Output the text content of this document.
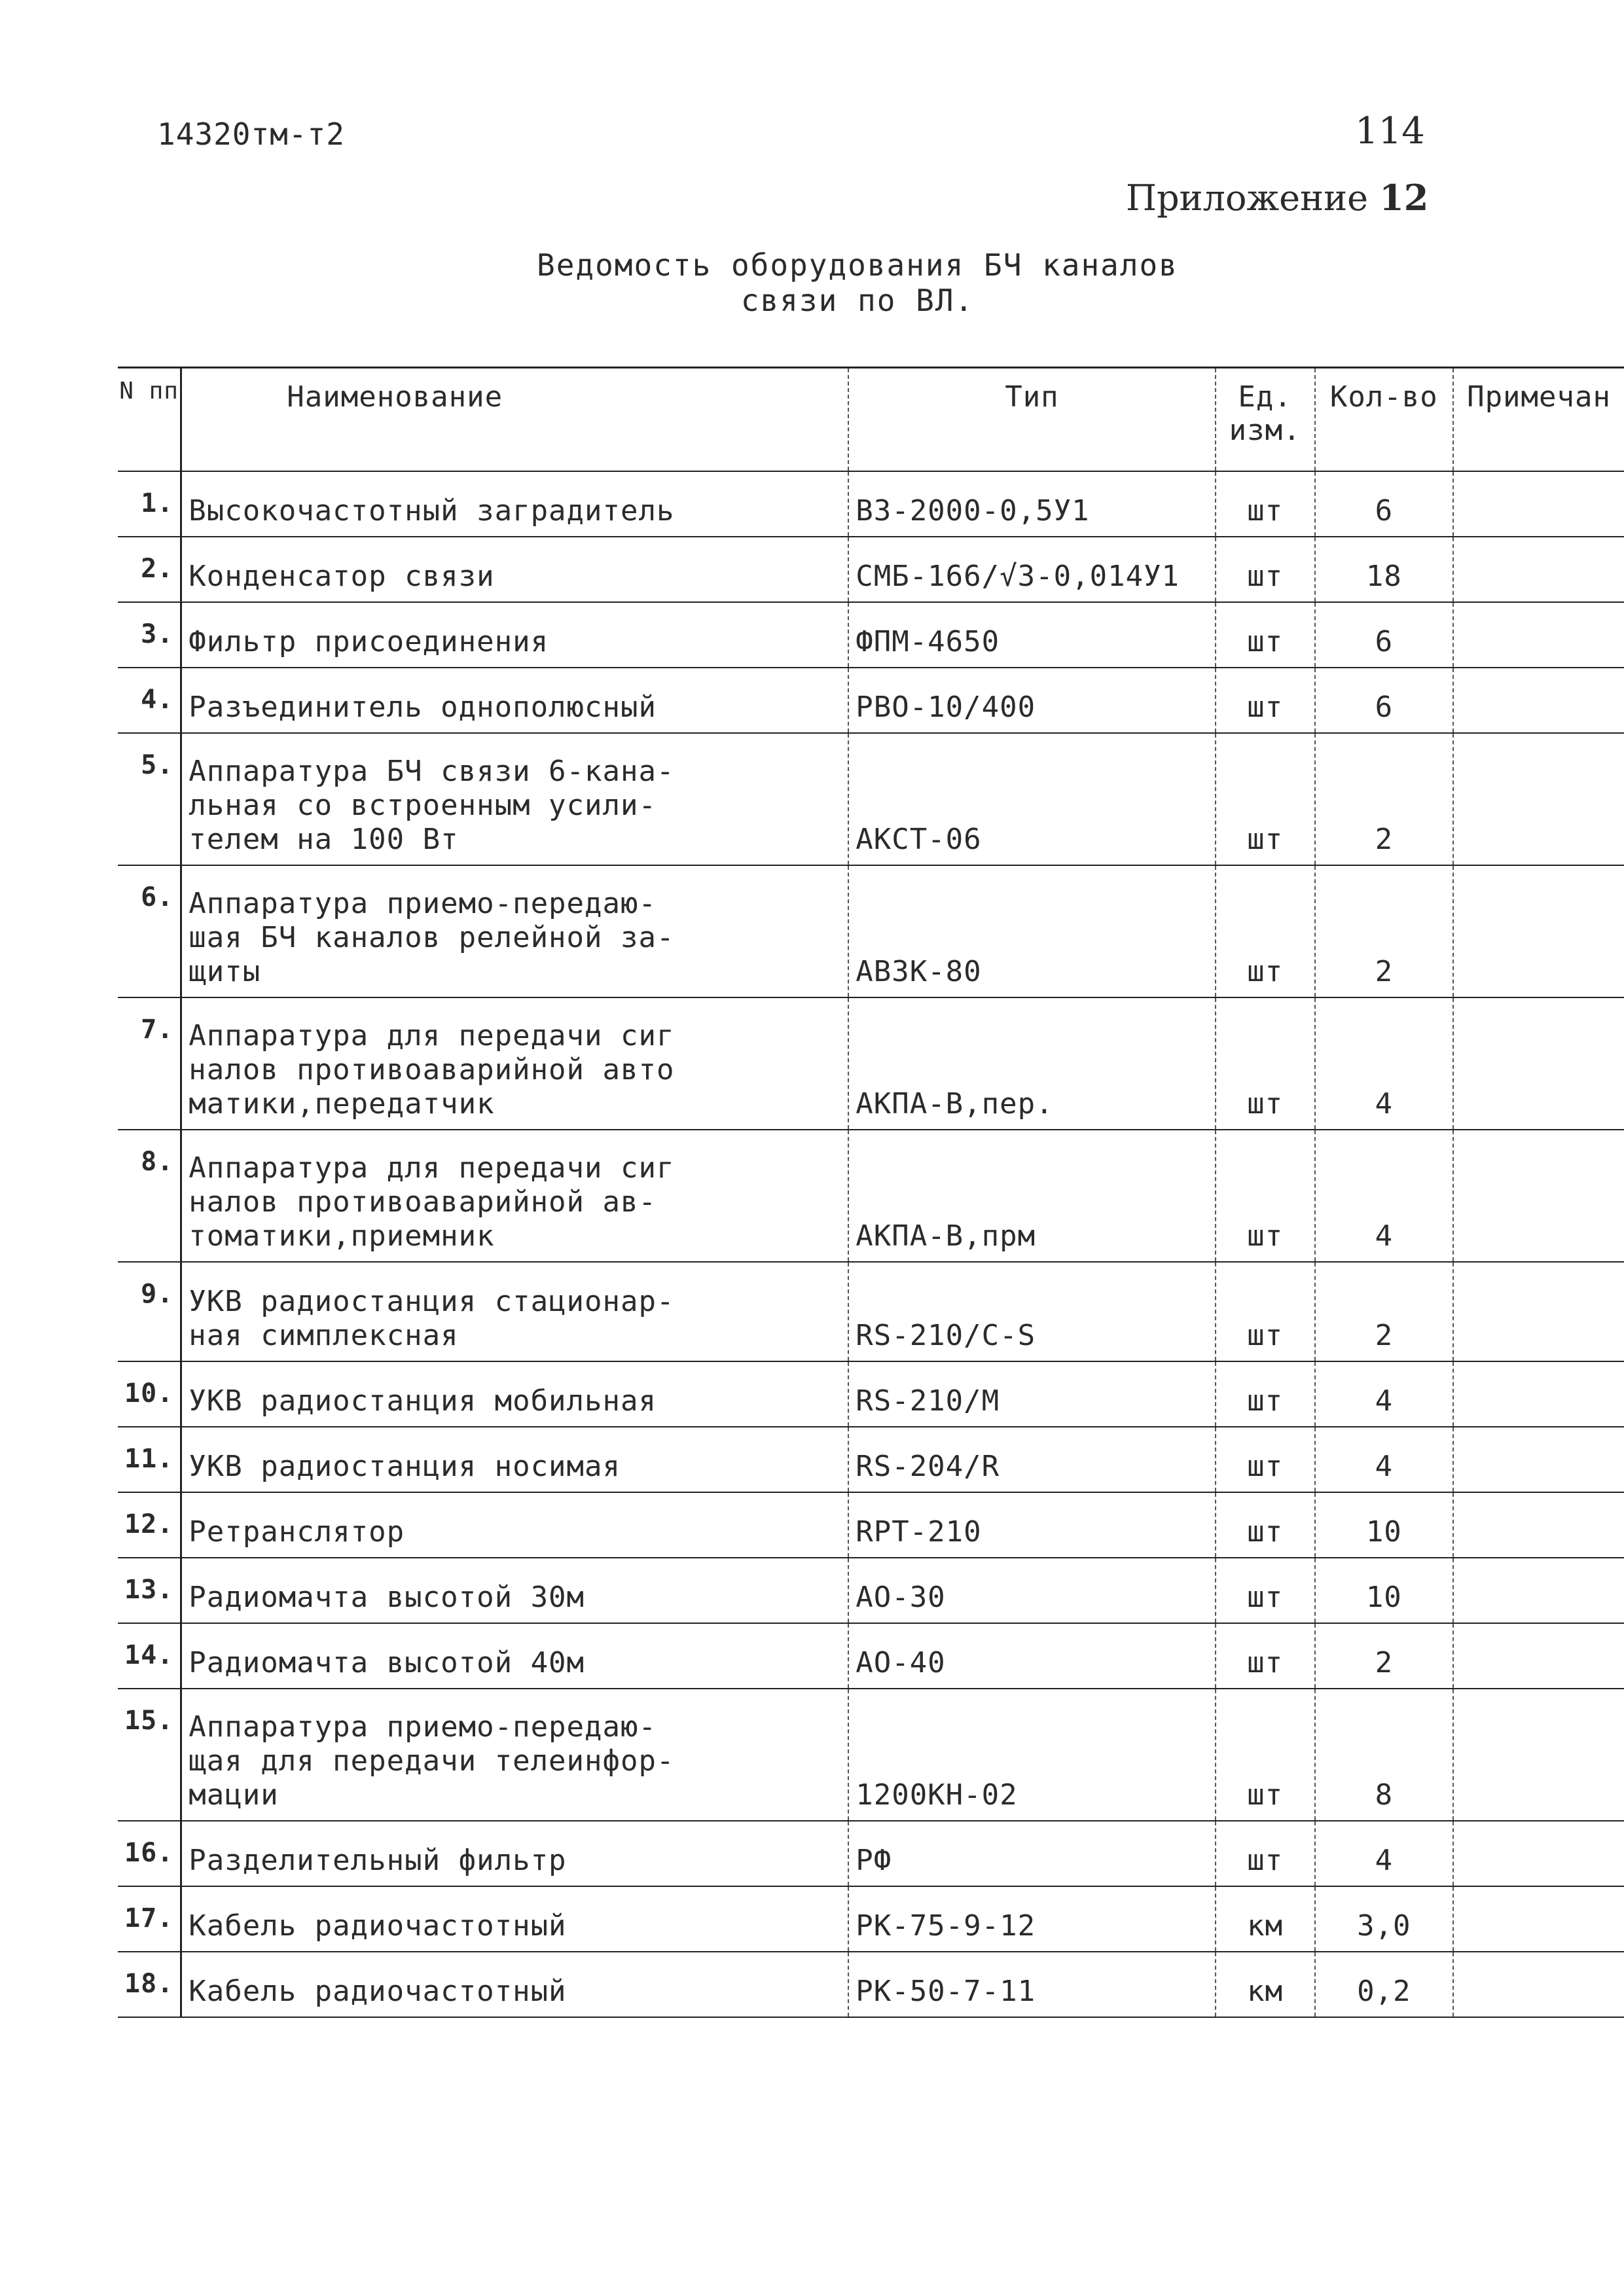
14320тм-т2	114
Приложение 12
Ведомость оборудования БЧ каналов
связи по ВЛ.
N пп	Наименование	Тип	Ед. изм.	Кол-во	Примечан
1.	Высокочастотный заградитель	ВЗ-2000-0,5У1	шт	6	
2.	Конденсатор связи	СМБ-166/√3-0,014У1	шт	18	
3.	Фильтр присоединения	ФПМ-4650	шт	6	
4.	Разъединитель однополюсный	РВО-10/400	шт	6	
5.	Аппаратура БЧ связи 6-кана-
льная со встроенным усили-
телем на 100 Вт	АКСТ-06	шт	2	
6.	Аппаратура приемо-передаю-
шая БЧ каналов релейной за-
щиты	АВЗК-80	шт	2	
7.	Аппаратура для передачи сиг
налов противоаварийной авто
матики,передатчик	АКПА-В,пер.	шт	4	
8.	Аппаратура для передачи сиг
налов противоаварийной ав-
томатики,приемник	АКПА-В,прм	шт	4	
9.	УКВ радиостанция стационар-
ная симплексная	RS-210/C-S	шт	2	
10.	УКВ радиостанция мобильная	RS-210/M	шт	4	
11.	УКВ радиостанция носимая	RS-204/R	шт	4	
12.	Ретранслятор	RPT-210	шт	10	
13.	Радиомачта высотой 30м	АО-30	шт	10	
14.	Радиомачта высотой 40м	АО-40	шт	2	
15.	Аппаратура приемо-передаю-
щая для передачи телеинфор-
мации	1200КН-02	шт	8	
16.	Разделительный фильтр	РФ	шт	4	
17.	Кабель радиочастотный	РК-75-9-12	км	3,0	
18.	Кабель радиочастотный	РК-50-7-11	км	0,2	
